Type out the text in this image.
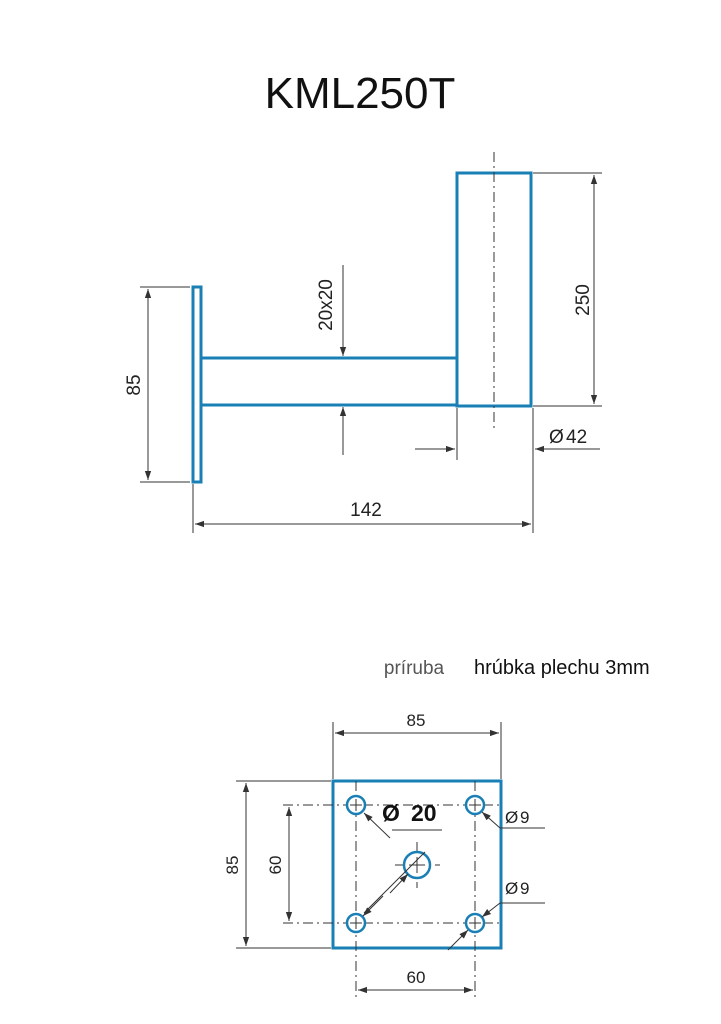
KML250T
85
20x20	250
Ø 42
142
príruba hrúbka plechu 3mm
Ø 20	Ø 9
Ø 9
85
85 60
60
